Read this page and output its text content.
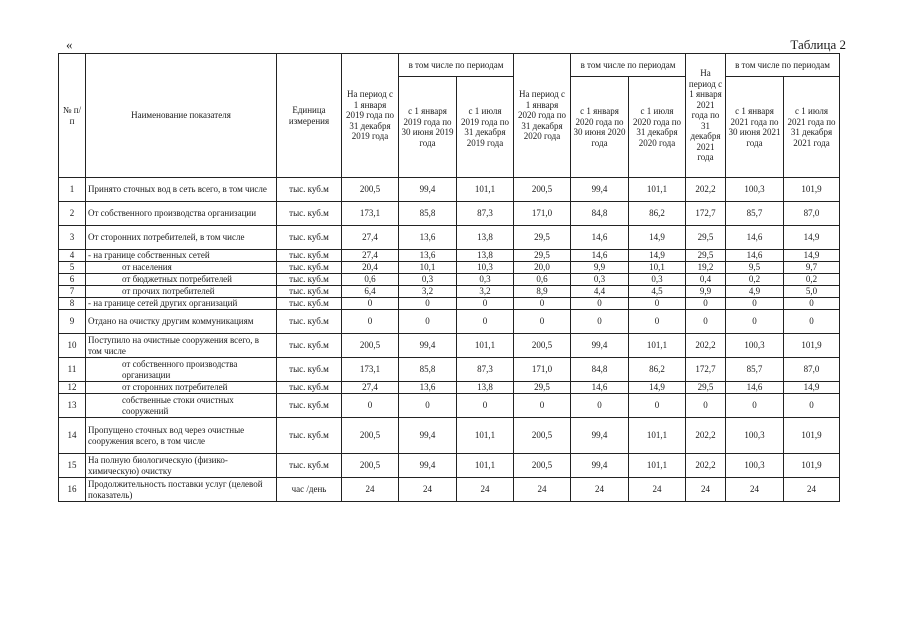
«	Таблица 2
№ п/п	Наименование показателя	Единица измерения	На период с 1 января 2019 года по 31 декабря 2019 года	в том числе по периодам		На период с 1 января 2020 года по 31 декабря 2020 года	в том числе по периодам		На период с 1 января 2021 года по 31 декабря 2021 года	в том числе по периодам	
				с 1 января 2019 года по 30 июня 2019 года	с 1 июля 2019 года по 31 декабря 2019 года		с 1 января 2020 года по 30 июня 2020 года	с 1 июля 2020 года по 31 декабря 2020 года		с 1 января 2021 года по 30 июня 2021 года	с 1 июля 2021 года по 31 декабря 2021 года
1	Принято сточных вод в сеть всего, в том числе	тыс. куб.м	200,5	99,4	101,1	200,5	99,4	101,1	202,2	100,3	101,9
2	От собственного производства организации	тыс. куб.м	173,1	85,8	87,3	171,0	84,8	86,2	172,7	85,7	87,0
3	От сторонних потребителей, в том числе	тыс. куб.м	27,4	13,6	13,8	29,5	14,6	14,9	29,5	14,6	14,9
4	- на границе собственных сетей	тыс. куб.м	27,4	13,6	13,8	29,5	14,6	14,9	29,5	14,6	14,9
5	от населения	тыс. куб.м	20,4	10,1	10,3	20,0	9,9	10,1	19,2	9,5	9,7
6	от бюджетных потребителей	тыс. куб.м	0,6	0,3	0,3	0,6	0,3	0,3	0,4	0,2	0,2
7	от прочих потребителей	тыс. куб.м	6,4	3,2	3,2	8,9	4,4	4,5	9,9	4,9	5,0
8	- на границе сетей других организаций	тыс. куб.м	0	0	0	0	0	0	0	0	0
9	Отдано на очистку другим коммуникациям	тыс. куб.м	0	0	0	0	0	0	0	0	0
10	Поступило на очистные сооружения всего, в том числе	тыс. куб.м	200,5	99,4	101,1	200,5	99,4	101,1	202,2	100,3	101,9
11	от собственного производства организации	тыс. куб.м	173,1	85,8	87,3	171,0	84,8	86,2	172,7	85,7	87,0
12	от сторонних потребителей	тыс. куб.м	27,4	13,6	13,8	29,5	14,6	14,9	29,5	14,6	14,9
13	собственные стоки очистных сооружений	тыс. куб.м	0	0	0	0	0	0	0	0	0
14	Пропущено сточных вод через очистные сооружения всего, в том числе	тыс. куб.м	200,5	99,4	101,1	200,5	99,4	101,1	202,2	100,3	101,9
15	На полную биологическую (физико-химическую) очистку	тыс. куб.м	200,5	99,4	101,1	200,5	99,4	101,1	202,2	100,3	101,9
16	Продолжительность поставки услуг (целевой показатель)	час /день	24	24	24	24	24	24	24	24	24
